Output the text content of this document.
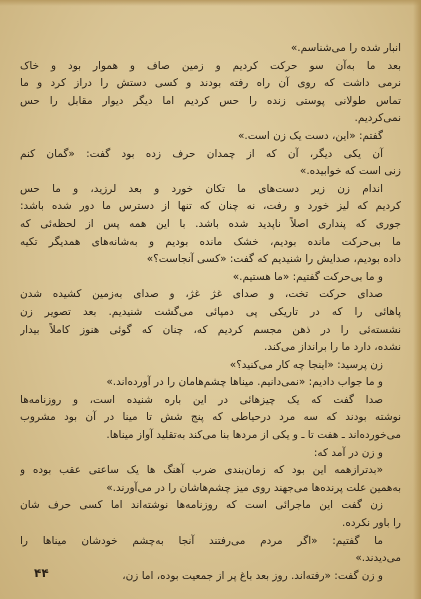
انبار شده را می‌شناسم.»
بعد ما به‌آن سو حرکت کردیم و زمین صاف و هموار بود و خاک
نرمی داشت که روی آن راه رفته بودند و کسی دستش را دراز کرد و ما
تماس طولانی پوستی زنده را حس کردیم اما دیگر دیوار مقابل را حس
نمی‌کردیم.
گفتم: «این، دست یک زن است.»
آن یکی دیگر، آن که از چمدان حرف زده بود گفت: «گمان کنم
زنی است که خوابیده.»
اندام زن زیر دست‌های ما تکان خورد و بعد لرزید، و ما حس
کردیم که لیز خورد و رفت، نه چنان که تنها از دسترس ما دور شده باشد:
جوری که پنداری اصلاً ناپدید شده باشد. با این همه پس از لحظه‌ئی که
ما بی‌حرکت مانده بودیم، خشک مانده بودیم و به‌شانه‌های همدیگر تکیه
داده بودیم، صدایش را شنیدیم که گفت: «کسی آنجاست؟»
و ما بی‌حرکت گفتیم: «ما هستیم.»
صدای حرکت تخت، و صدای غژ غژ، و صدای به‌زمین کشیده شدن
پاهائی را که در تاریکی پی دمپائی می‌گشت شنیدیم. بعد تصویر زن
نشسته‌ئی را در ذهن مجسم کردیم که، چنان که گوئی هنوز کاملاً بیدار
نشده، دارد ما را برانداز می‌کند.
زن پرسید: «اینجا چه کار می‌کنید؟»
و ما جواب دادیم: «نمی‌دانیم. مینا‌ها چشم‌هامان را در آورده‌اند.»
صدا گفت که یک چیزهائی در این باره شنیده است، و روزنامه‌ها
نوشته بودند که سه مرد درحیاطی که پنج شش تا مینا در آن بود مشروب
می‌خورده‌اند ـ هفت تا ـ و یکی از مردها بنا می‌کند به‌تقلید آواز میناها.
و زن در آمد که:
«بدترازهمه این بود که زمان‌بندی ضرب آهنگ ها یک ساعتی عقب بوده و
به‌همین علت پرنده‌ها می‌جهند روی میز چشم‌هاشان را در می‌آورند.»
زن گفت این ماجرائی است که روزنامه‌ها نوشته‌اند اما کسی حرف شان
را باور نکرده.
ما گفتیم: «اگر مردم می‌رفتند آنجا به‌چشم خودشان مینا‌ها را
می‌دیدند.»
و زن گفت: «رفته‌اند. روز بعد باغ پر از جمعیت بوده، اما زن،
۴۴
